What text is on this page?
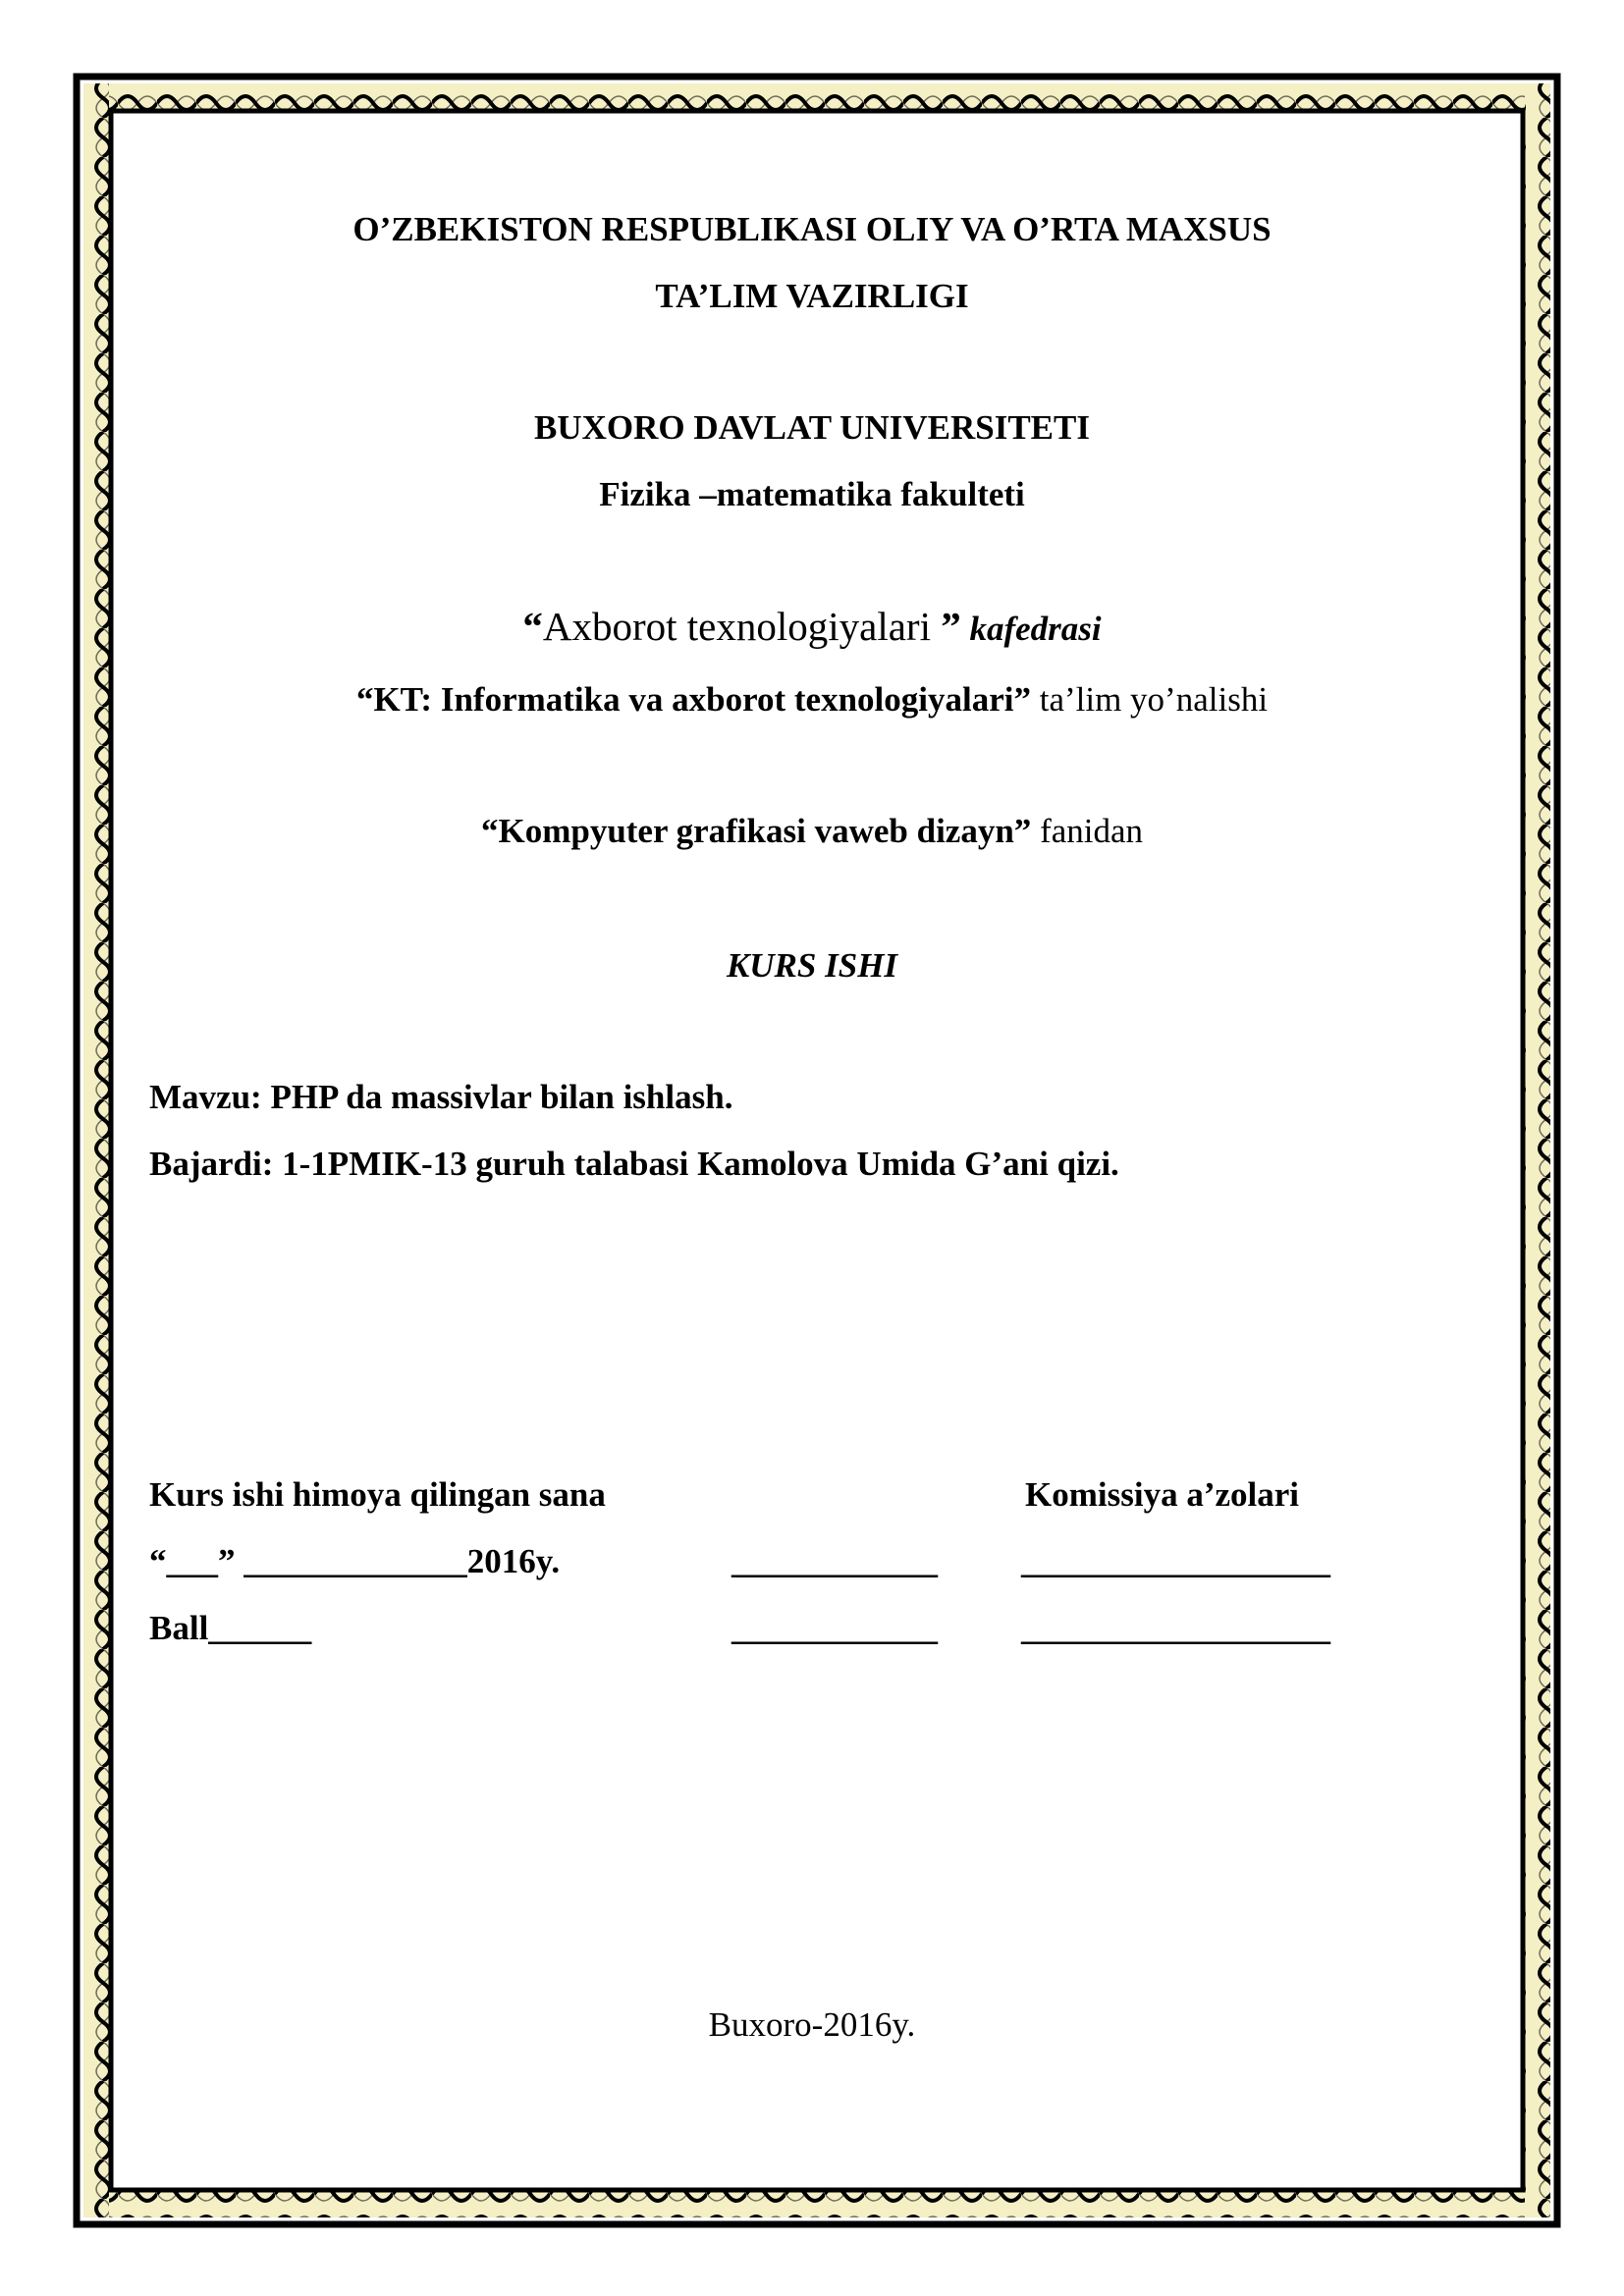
O’ZBEKISTON RESPUBLIKASI OLIY VA O’RTA MAXSUS
TA’LIM VAZIRLIGI
BUXORO DAVLAT UNIVERSITETI
Fizika –matematika fakulteti
“Axborot texnologiyalari ” kafedrasi
“KT: Informatika va axborot texnologiyalari” ta’lim yo’nalishi
“Kompyuter grafikasi vaweb dizayn” fanidan
KURS ISHI
Mavzu: PHP da massivlar bilan ishlash.
Bajardi: 1-1PMIK-13 guruh talabasi Kamolova Umida G’ani qizi.
Kurs ishi himoya qilingan sana	Komissiya a’zolari
“___” _____________2016y.	____________ __________________
Ball______	____________ __________________
Buxoro-2016y.
